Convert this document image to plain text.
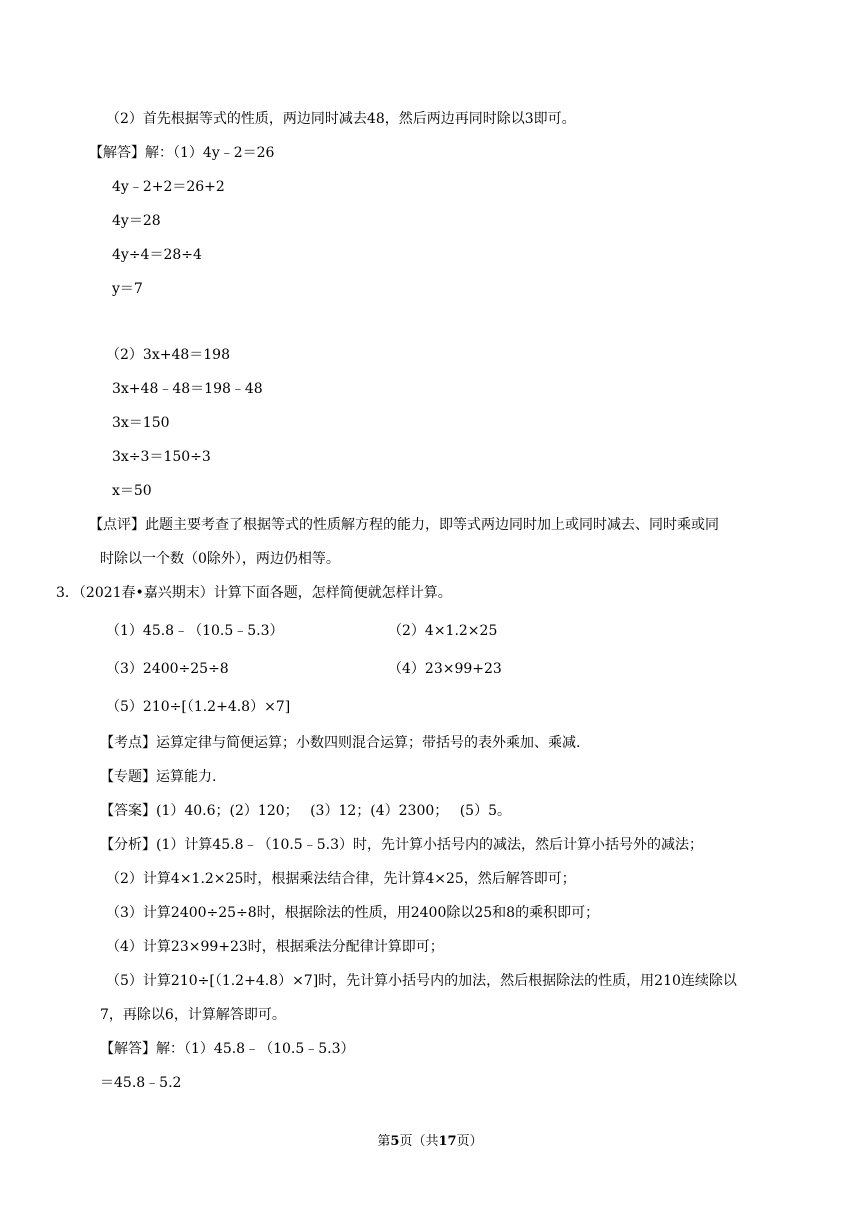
（2）首先根据等式的性质，两边同时减去48，然后两边再同时除以3即可。
【解答】解：（1）4y﹣2＝26
4y﹣2+2＝26+2
4y＝28
4y÷4＝28÷4
y＝7
（2）3x+48＝198
3x+48﹣48＝198﹣48
3x＝150
3x÷3＝150÷3
x＝50
【点评】此题主要考查了根据等式的性质解方程的能力，即等式两边同时加上或同时减去、同时乘或同
时除以一个数（0除外），两边仍相等。
3．（2021春•嘉兴期末）计算下面各题，怎样简便就怎样计算。
（1）45.8﹣（10.5﹣5.3）	（2）4×1.2×25
（3）2400÷25÷8	（4）23×99+23
（5）210÷[（1.2+4.8）×7]
【考点】运算定律与简便运算；小数四则混合运算；带括号的表外乘加、乘减.
【专题】运算能力.
【答案】(1）40.6；(2）120；　 (3）12；(4）2300；　 (5）5。
【分析】(1）计算45.8﹣（10.5﹣5.3）时，先计算小括号内的减法，然后计算小括号外的减法；
（2）计算4×1.2×25时，根据乘法结合律，先计算4×25，然后解答即可；
（3）计算2400÷25÷8时，根据除法的性质，用2400除以25和8的乘积即可；
（4）计算23×99+23时，根据乘法分配律计算即可；
（5）计算210÷[（1.2+4.8）×7]时，先计算小括号内的加法，然后根据除法的性质，用210连续除以
7，再除以6，计算解答即可。
【解答】解：（1）45.8﹣（10.5﹣5.3）
＝45.8﹣5.2
第5页（共17页）
